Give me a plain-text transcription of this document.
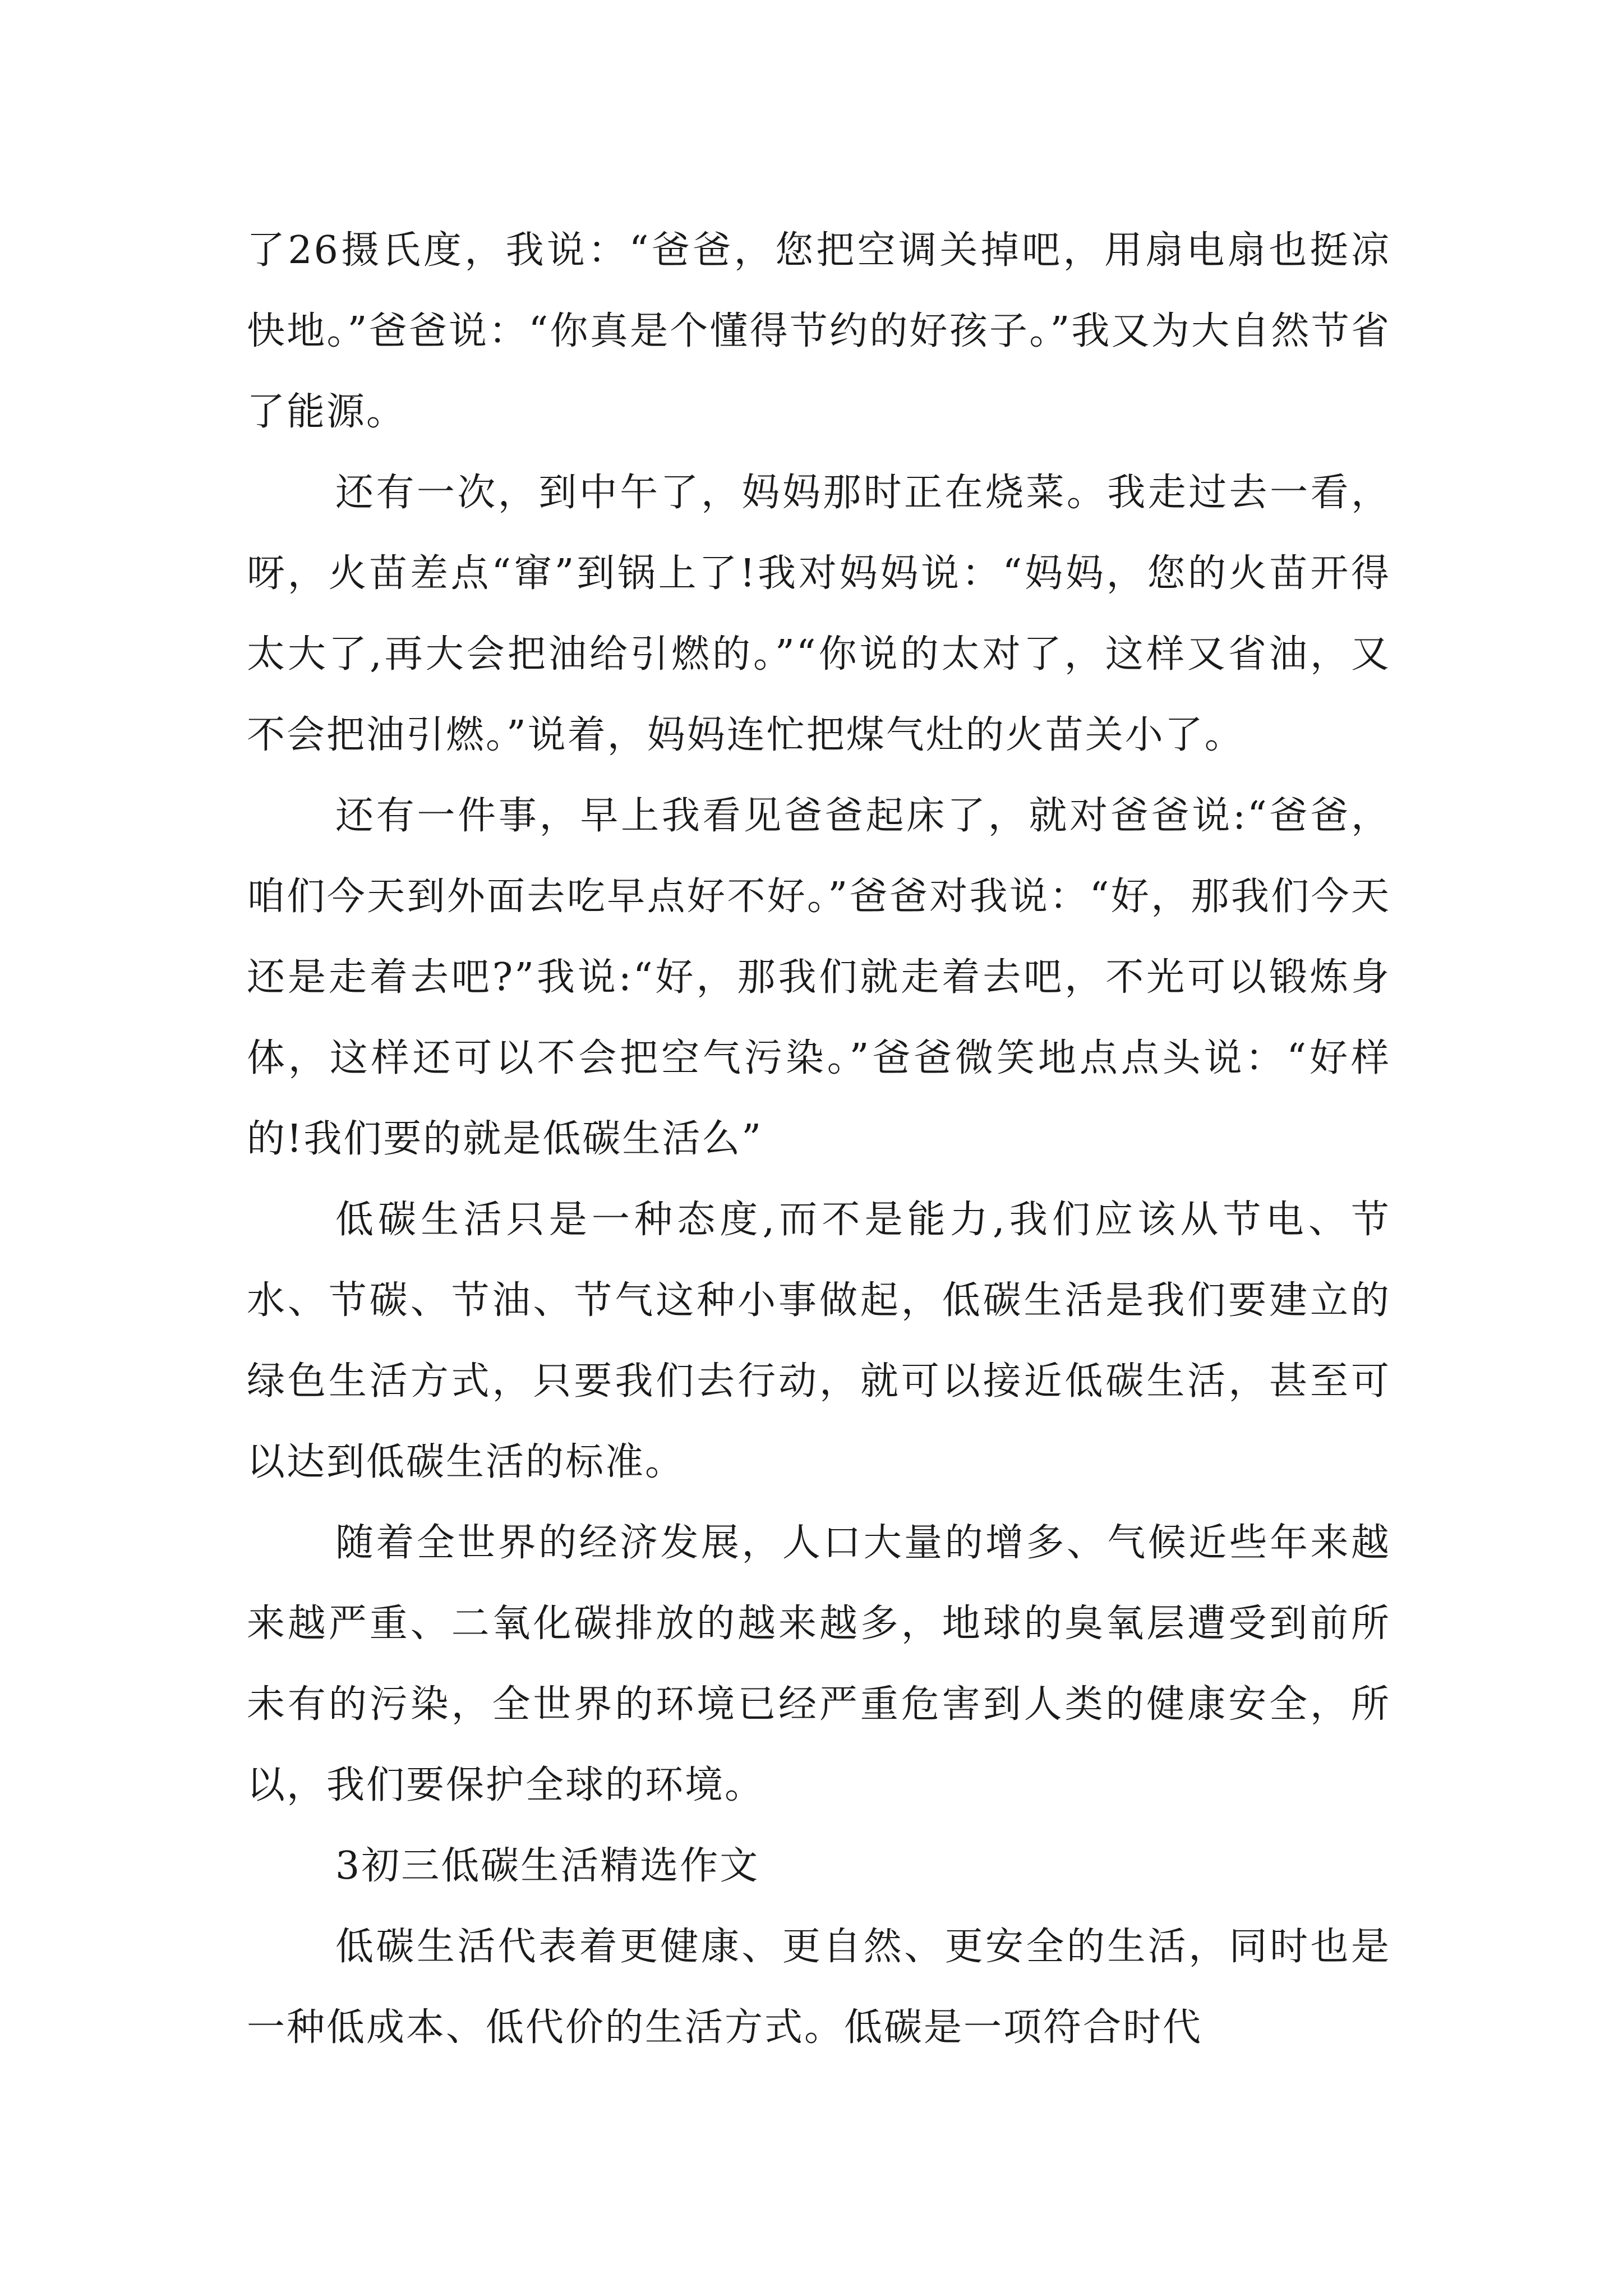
了26摄氏度，我说：“爸爸，您把空调关掉吧，用扇电扇也挺凉快地。”爸爸说：“你真是个懂得节约的好孩子。”我又为大自然节省了能源。

还有一次，到中午了，妈妈那时正在烧菜。我走过去一看，呀，火苗差点“窜”到锅上了!我对妈妈说：“妈妈，您的火苗开得太大了,再大会把油给引燃的。”“你说的太对了，这样又省油，又不会把油引燃。”说着，妈妈连忙把煤气灶的火苗关小了。

还有一件事，早上我看见爸爸起床了，就对爸爸说:“爸爸，咱们今天到外面去吃早点好不好。”爸爸对我说：“好，那我们今天还是走着去吧?”我说:“好，那我们就走着去吧，不光可以锻炼身体，这样还可以不会把空气污染。”爸爸微笑地点点头说：“好样的!我们要的就是低碳生活么”

低碳生活只是一种态度,而不是能力,我们应该从节电、节水、节碳、节油、节气这种小事做起，低碳生活是我们要建立的绿色生活方式，只要我们去行动，就可以接近低碳生活，甚至可以达到低碳生活的标准。

随着全世界的经济发展，人口大量的增多、气候近些年来越来越严重、二氧化碳排放的越来越多，地球的臭氧层遭受到前所未有的污染，全世界的环境已经严重危害到人类的健康安全，所以，我们要保护全球的环境。

3初三低碳生活精选作文

低碳生活代表着更健康、更自然、更安全的生活，同时也是一种低成本、低代价的生活方式。低碳是一项符合时代
